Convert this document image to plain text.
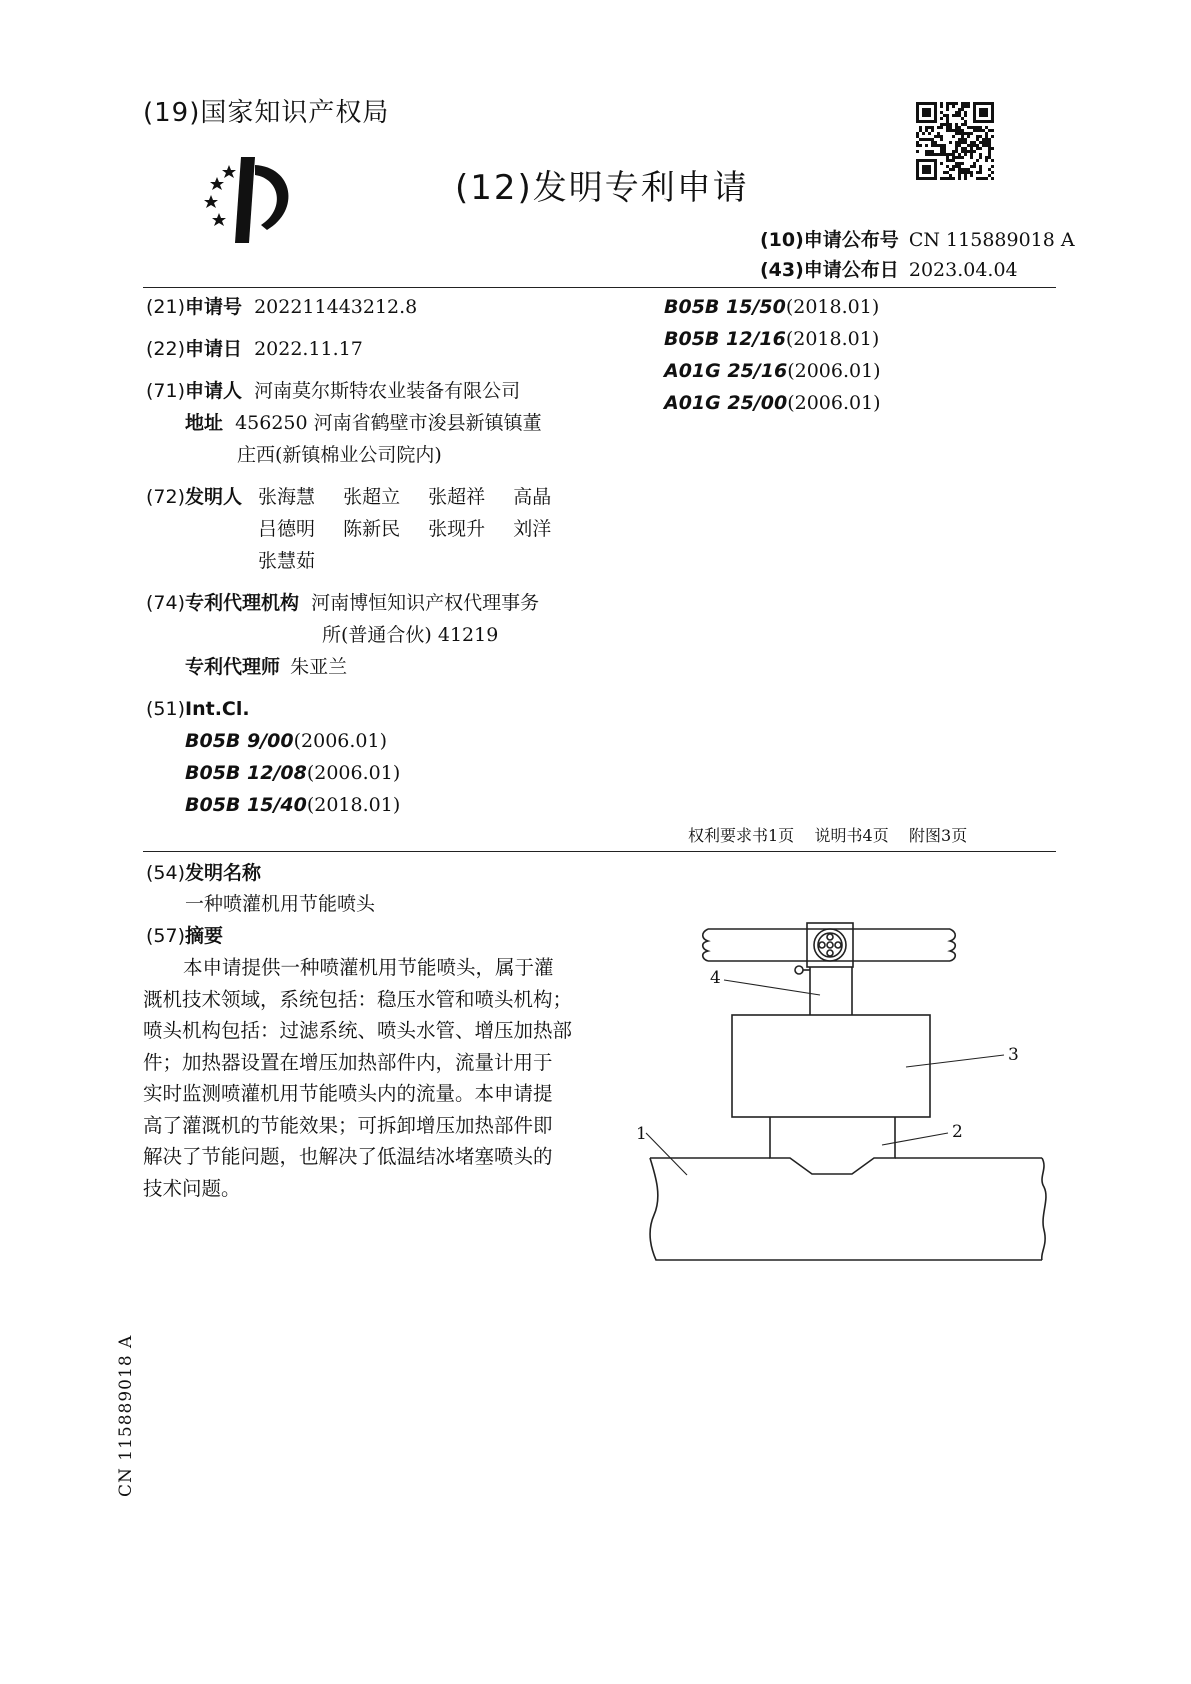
(19)国家知识产权局
(12)发明专利申请
(10)申请公布号 CN 115889018 A
(43)申请公布日 2023.04.04
(21)申请号 202211443212.8
(22)申请日 2022.11.17
(71)申请人 河南莫尔斯特农业装备有限公司
地址 456250 河南省鹤壁市浚县新镇镇董
庄西(新镇棉业公司院内)
(72)发明人 张海慧 张超立 张超祥 高晶
吕德明 陈新民 张现升 刘洋
张慧茹
(74)专利代理机构 河南博恒知识产权代理事务
所(普通合伙) 41219
专利代理师 朱亚兰
(51)Int.Cl.
B05B 9/00(2006.01)
B05B 12/08(2006.01)
B05B 15/40(2018.01)
B05B 15/50(2018.01)
B05B 12/16(2018.01)
A01G 25/16(2006.01)
A01G 25/00(2006.01)
权利要求书1页    说明书4页    附图3页
(54)发明名称
一种喷灌机用节能喷头
(57)摘要

本申请提供一种喷灌机用节能喷头，属于灌

溉机技术领域，系统包括：稳压水管和喷头机构；

喷头机构包括：过滤系统、喷头水管、增压加热部

件；加热器设置在增压加热部件内，流量计用于

实时监测喷灌机用节能喷头内的流量。本申请提

高了灌溉机的节能效果；可拆卸增压加热部件即

解决了节能问题，也解决了低温结冰堵塞喷头的

技术问题。

1	2
3
4
CN 115889018 A
